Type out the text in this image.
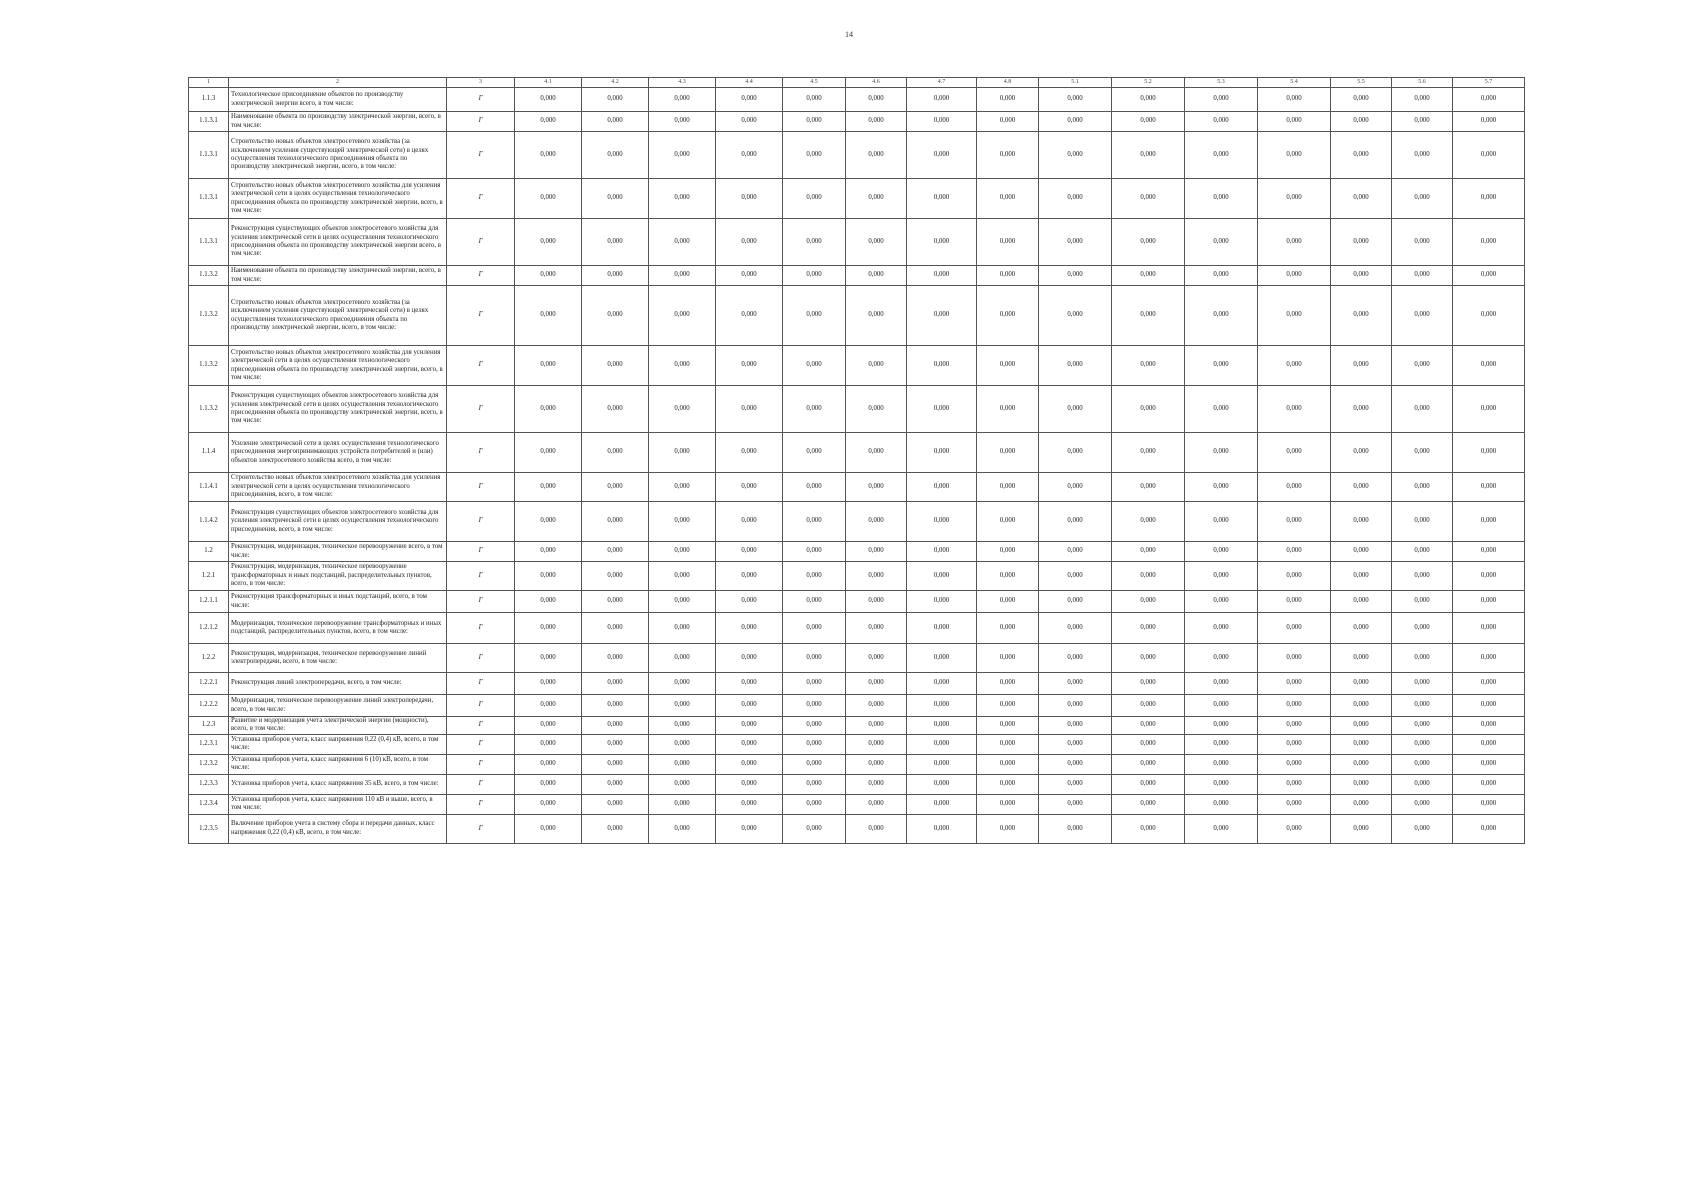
14
1	2	3	4.1	4.2	4.3	4.4	4.5	4.6	4.7	4.8	5.1	5.2	5.3	5.4	5.5	5.6	5.7
1.1.3	Технологическое присоединение объектов по производству электрической энергии всего, в том числе:	Г	0,000	0,000	0,000	0,000	0,000	0,000	0,000	0,000	0,000	0,000	0,000	0,000	0,000	0,000	0,000
1.1.3.1	Наименование объекта по производству электрической энергии, всего, в том числе:	Г	0,000	0,000	0,000	0,000	0,000	0,000	0,000	0,000	0,000	0,000	0,000	0,000	0,000	0,000	0,000
1.1.3.1	Строительство новых объектов электросетевого хозяйства (за исключением усиления существующей электрической сети) в целях осуществления технологического присоединения объекта по производству электрической энергии, всего, в том числе:	Г	0,000	0,000	0,000	0,000	0,000	0,000	0,000	0,000	0,000	0,000	0,000	0,000	0,000	0,000	0,000
1.1.3.1	Строительство новых объектов электросетевого хозяйства для усиления электрической сети в целях осуществления технологического присоединения объекта по производству электрической энергии, всего, в том числе:	Г	0,000	0,000	0,000	0,000	0,000	0,000	0,000	0,000	0,000	0,000	0,000	0,000	0,000	0,000	0,000
1.1.3.1	Реконструкция существующих объектов электросетевого хозяйства для усиления электрической сети в целях осуществления технологического присоединения объекта по производству электрической энергии всего, в том числе:	Г	0,000	0,000	0,000	0,000	0,000	0,000	0,000	0,000	0,000	0,000	0,000	0,000	0,000	0,000	0,000
1.1.3.2	Наименование объекта по производству электрической энергии, всего, в том числе:	Г	0,000	0,000	0,000	0,000	0,000	0,000	0,000	0,000	0,000	0,000	0,000	0,000	0,000	0,000	0,000
1.1.3.2	Строительство новых объектов электросетевого хозяйства (за исключением усиления существующей электрической сети) в целях осуществления технологического присоединения объекта по производству электрической энергии, всего, в том числе:	Г	0,000	0,000	0,000	0,000	0,000	0,000	0,000	0,000	0,000	0,000	0,000	0,000	0,000	0,000	0,000
1.1.3.2	Строительство новых объектов электросетевого хозяйства для усиления электрической сети в целях осуществления технологического присоединения объекта по производству электрической энергии, всего, в том числе:	Г	0,000	0,000	0,000	0,000	0,000	0,000	0,000	0,000	0,000	0,000	0,000	0,000	0,000	0,000	0,000
1.1.3.2	Реконструкция существующих объектов электросетевого хозяйства для усиления электрической сети в целях осуществления технологического присоединения объекта по производству электрической энергии, всего, в том числе:	Г	0,000	0,000	0,000	0,000	0,000	0,000	0,000	0,000	0,000	0,000	0,000	0,000	0,000	0,000	0,000
1.1.4	Усиление электрической сети в целях осуществления технологического присоединения энергопринимающих устройств потребителей и (или) объектов электросетевого хозяйства всего, в том числе:	Г	0,000	0,000	0,000	0,000	0,000	0,000	0,000	0,000	0,000	0,000	0,000	0,000	0,000	0,000	0,000
1.1.4.1	Строительство новых объектов электросетевого хозяйства для усиления электрической сети в целях осуществления технологического присоединения, всего, в том числе:	Г	0,000	0,000	0,000	0,000	0,000	0,000	0,000	0,000	0,000	0,000	0,000	0,000	0,000	0,000	0,000
1.1.4.2	Реконструкция существующих объектов электросетевого хозяйства для усиления электрической сети в целях осуществления технологического присоединения, всего, в том числе:	Г	0,000	0,000	0,000	0,000	0,000	0,000	0,000	0,000	0,000	0,000	0,000	0,000	0,000	0,000	0,000
1.2	Реконструкция, модернизация, техническое перевооружение всего, в том числе:	Г	0,000	0,000	0,000	0,000	0,000	0,000	0,000	0,000	0,000	0,000	0,000	0,000	0,000	0,000	0,000
1.2.1	Реконструкция, модернизация, техническое перевооружение трансформаторных и иных подстанций, распределительных пунктов, всего, в том числе:	Г	0,000	0,000	0,000	0,000	0,000	0,000	0,000	0,000	0,000	0,000	0,000	0,000	0,000	0,000	0,000
1.2.1.1	Реконструкция трансформаторных и иных подстанций, всего, в том числе:	Г	0,000	0,000	0,000	0,000	0,000	0,000	0,000	0,000	0,000	0,000	0,000	0,000	0,000	0,000	0,000
1.2.1.2	Модернизация, техническое перевооружение трансформаторных и иных подстанций, распределительных пунктов, всего, в том числе:	Г	0,000	0,000	0,000	0,000	0,000	0,000	0,000	0,000	0,000	0,000	0,000	0,000	0,000	0,000	0,000
1.2.2	Реконструкция, модернизация, техническое перевооружение линий электропередачи, всего, в том числе:	Г	0,000	0,000	0,000	0,000	0,000	0,000	0,000	0,000	0,000	0,000	0,000	0,000	0,000	0,000	0,000
1.2.2.1	Реконструкция линий электропередачи, всего, в том числе:	Г	0,000	0,000	0,000	0,000	0,000	0,000	0,000	0,000	0,000	0,000	0,000	0,000	0,000	0,000	0,000
1.2.2.2	Модернизация, техническое перевооружение линий электропередачи, всего, в том числе:	Г	0,000	0,000	0,000	0,000	0,000	0,000	0,000	0,000	0,000	0,000	0,000	0,000	0,000	0,000	0,000
1.2.3	Развитие и модернизация учета электрической энергии (мощности), всего, в том числе:	Г	0,000	0,000	0,000	0,000	0,000	0,000	0,000	0,000	0,000	0,000	0,000	0,000	0,000	0,000	0,000
1.2.3.1	Установка приборов учета, класс напряжения 0,22 (0,4) кВ, всего, в том числе:	Г	0,000	0,000	0,000	0,000	0,000	0,000	0,000	0,000	0,000	0,000	0,000	0,000	0,000	0,000	0,000
1.2.3.2	Установка приборов учета, класс напряжения 6 (10) кВ, всего, в том числе:	Г	0,000	0,000	0,000	0,000	0,000	0,000	0,000	0,000	0,000	0,000	0,000	0,000	0,000	0,000	0,000
1.2.3.3	Установка приборов учета, класс напряжения 35 кВ, всего, в том числе:	Г	0,000	0,000	0,000	0,000	0,000	0,000	0,000	0,000	0,000	0,000	0,000	0,000	0,000	0,000	0,000
1.2.3.4	Установка приборов учета, класс напряжения 110 кВ и выше, всего, в том числе:	Г	0,000	0,000	0,000	0,000	0,000	0,000	0,000	0,000	0,000	0,000	0,000	0,000	0,000	0,000	0,000
1.2.3.5	Включение приборов учета в систему сбора и передачи данных, класс напряжения 0,22 (0,4) кВ, всего, в том числе:	Г	0,000	0,000	0,000	0,000	0,000	0,000	0,000	0,000	0,000	0,000	0,000	0,000	0,000	0,000	0,000
